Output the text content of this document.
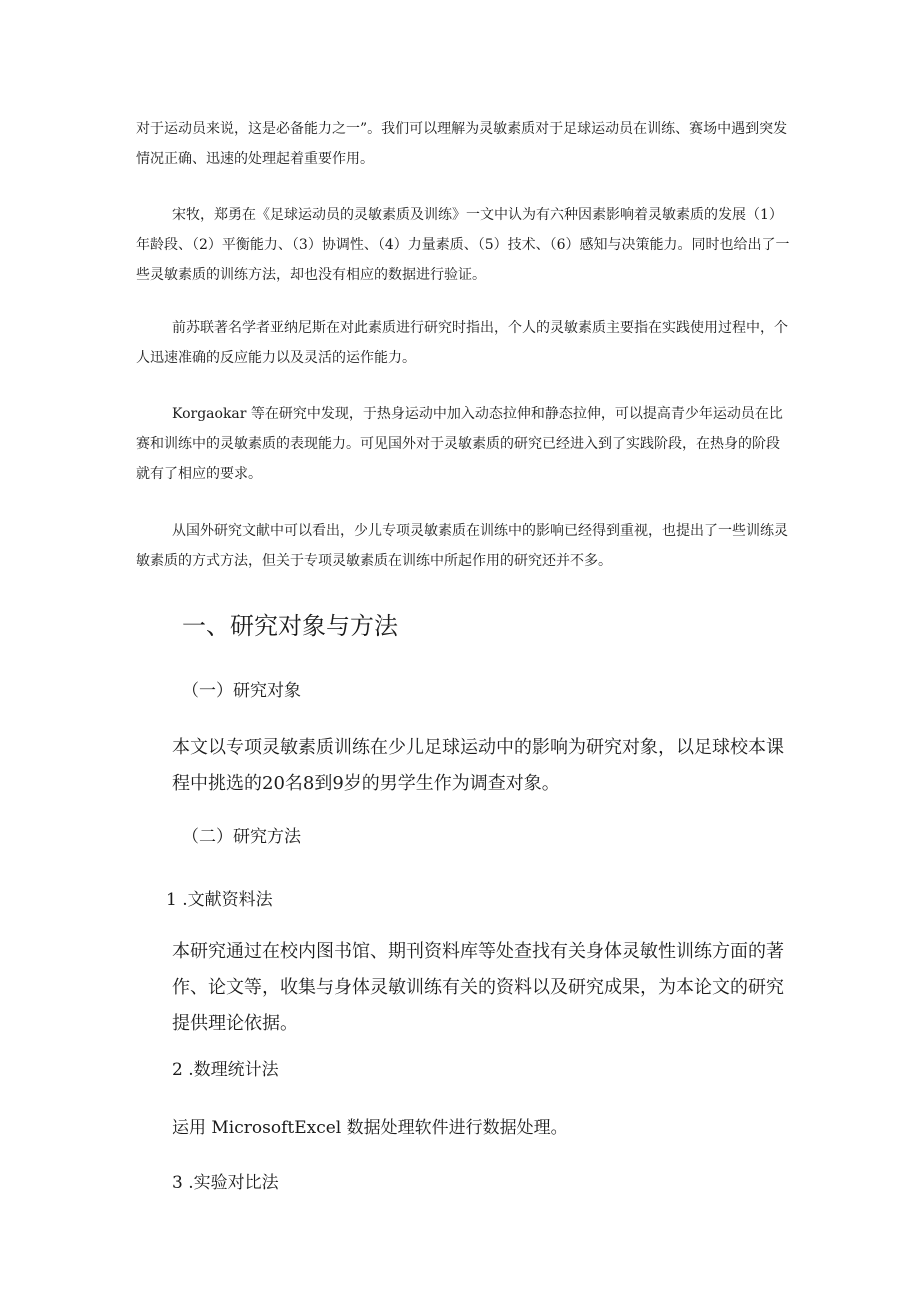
对于运动员来说，这是必备能力之一”。我们可以理解为灵敏素质对于足球运动员在训练、赛场中遇到突发情况正确、迅速的处理起着重要作用。

宋牧，郑勇在《足球运动员的灵敏素质及训练》一文中认为有六种因素影响着灵敏素质的发展（1）年龄段、（2）平衡能力、（3）协调性、（4）力量素质、（5）技术、（6）感知与决策能力。同时也给出了一些灵敏素质的训练方法，却也没有相应的数据进行验证。

前苏联著名学者亚纳尼斯在对此素质进行研究时指出，个人的灵敏素质主要指在实践使用过程中，个人迅速准确的反应能力以及灵活的运作能力。

Korgaokar 等在研究中发现，于热身运动中加入动态拉伸和静态拉伸，可以提高青少年运动员在比赛和训练中的灵敏素质的表现能力。可见国外对于灵敏素质的研究已经进入到了实践阶段，在热身的阶段就有了相应的要求。

从国外研究文献中可以看出，少儿专项灵敏素质在训练中的影响已经得到重视，也提出了一些训练灵敏素质的方式方法，但关于专项灵敏素质在训练中所起作用的研究还并不多。

一、研究对象与方法
（一）研究对象

本文以专项灵敏素质训练在少儿足球运动中的影响为研究对象，以足球校本课程中挑选的20名8到9岁的男学生作为调查对象。

（二）研究方法
1 .文献资料法

本研究通过在校内图书馆、期刊资料库等处查找有关身体灵敏性训练方面的著作、论文等，收集与身体灵敏训练有关的资料以及研究成果，为本论文的研究提供理论依据。

2 .数理统计法

运用 MicrosoftExcel 数据处理软件进行数据处理。

3 .实验对比法
